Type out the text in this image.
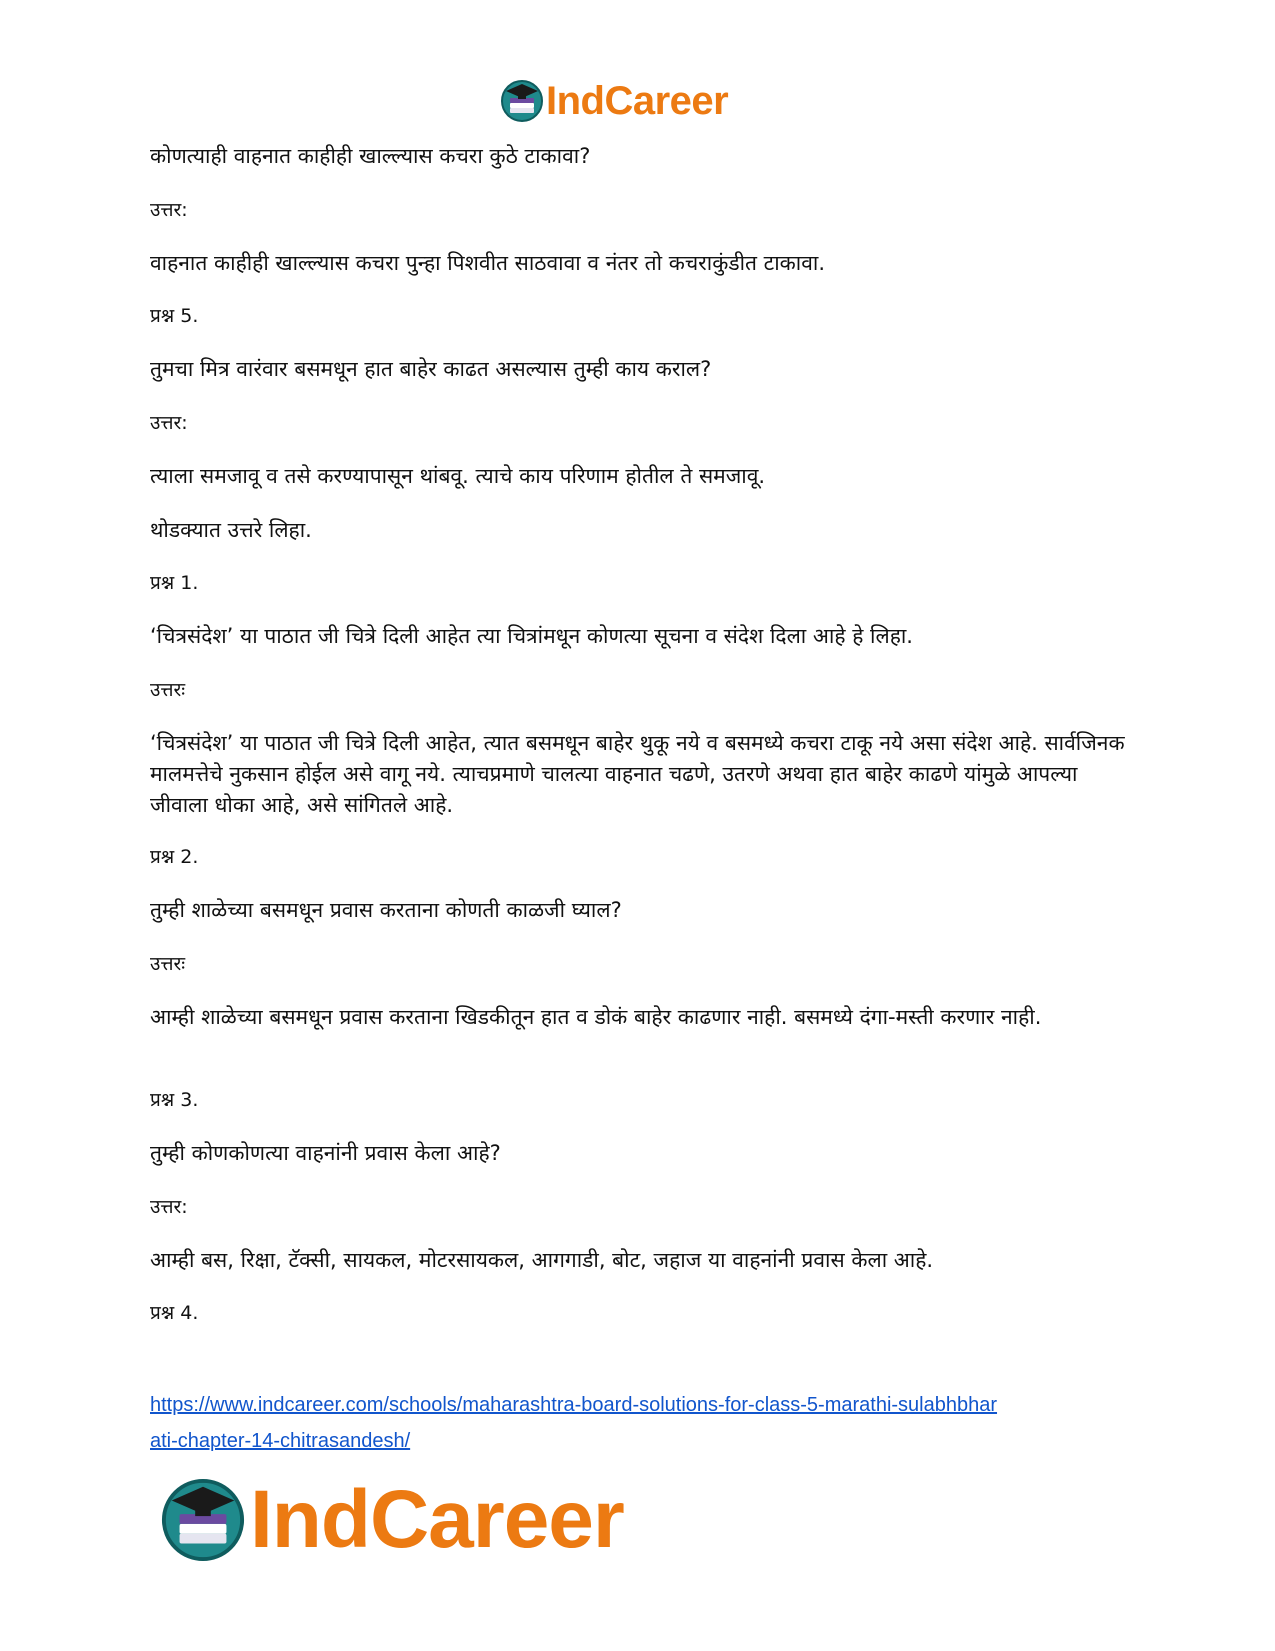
IndCareer
कोणत्याही वाहनात काहीही खाल्ल्यास कचरा कुठे टाकावा?
उत्तर:
वाहनात काहीही खाल्ल्यास कचरा पुन्हा पिशवीत साठवावा व नंतर तो कचराकुंडीत टाकावा.
प्रश्न 5.
तुमचा मित्र वारंवार बसमधून हात बाहेर काढत असल्यास तुम्ही काय कराल?
उत्तर:
त्याला समजावू व तसे करण्यापासून थांबवू. त्याचे काय परिणाम होतील ते समजावू.
थोडक्यात उत्तरे लिहा.
प्रश्न 1.
‘चित्रसंदेश’ या पाठात जी चित्रे दिली आहेत त्या चित्रांमधून कोणत्या सूचना व संदेश दिला आहे हे लिहा.
उत्तरः
‘चित्रसंदेश’ या पाठात जी चित्रे दिली आहेत, त्यात बसमधून बाहेर थुकू नये व बसमध्ये कचरा टाकू नये असा संदेश आहे. सार्वजिनक मालमत्तेचे नुकसान होईल असे वागू नये. त्याचप्रमाणे चालत्या वाहनात चढणे, उतरणे अथवा हात बाहेर काढणे यांमुळे आपल्या जीवाला धोका आहे, असे सांगितले आहे.
प्रश्न 2.
तुम्ही शाळेच्या बसमधून प्रवास करताना कोणती काळजी घ्याल?
उत्तरः
आम्ही शाळेच्या बसमधून प्रवास करताना खिडकीतून हात व डोकं बाहेर काढणार नाही. बसमध्ये दंगा-मस्ती करणार नाही.
प्रश्न 3.
तुम्ही कोणकोणत्या वाहनांनी प्रवास केला आहे?
उत्तर:
आम्ही बस, रिक्षा, टॅक्सी, सायकल, मोटरसायकल, आगगाडी, बोट, जहाज या वाहनांनी प्रवास केला आहे.
प्रश्न 4.
https://www.indcareer.com/schools/maharashtra-board-solutions-for-class-5-marathi-sulabhbhar
ati-chapter-14-chitrasandesh/
IndCareer
